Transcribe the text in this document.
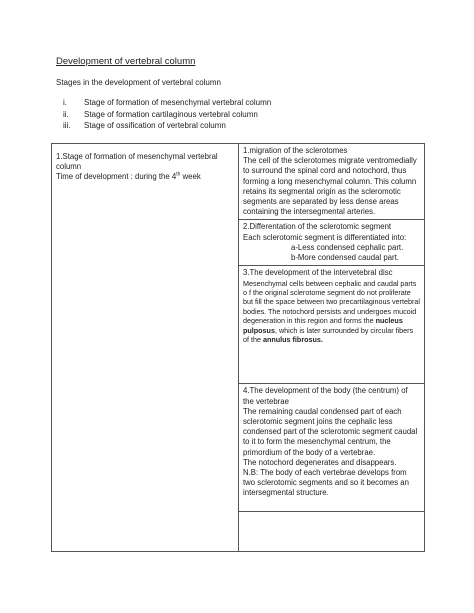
Development of vertebral column
Stages in the development of vertebral column
i.	Stage of formation of mesenchymal vertebral column
ii.	Stage of formation cartilaginous vertebral column
iii.	Stage of ossification of vertebral column
1.Stage of formation of mesenchymal vertebral column
Time of development : during the 4th week

1.migration of the sclerotomes
The cell of the sclerotomes migrate ventromedially to surround the spinal cord and notochord, thus forming a long mesenchymal column. This column retains its segmental origin as the scleromotic segments are separated by less dense areas containing the intersegmental arteries.

2.Differentation of the sclerotomic segment
Each sclerotomic segment is differentiated into:
a-Less condensed cephalic part.
b-More condensed caudal part.

3.The development of the intervetebral disc
Mesenchymal cells between cephalic and caudal parts o f the original sclerotome segment do not proliferate but fill the space between two precartilaginous vertebral bodies. The notochord persists and undergoes mucoid degeneration in this region and forms the nucleus pulposus, which is later surrounded by circular fibers of the annulus fibrosus.

4.The development of the body (the centrum) of the vertebrae
The remaining caudal condensed part of each sclerotomic segment joins the cephalic less condensed part of the sclerotomic segment caudal to it to form the mesenchymal centrum, the primordium of the body of a vertebrae.
The notochord degenerates and disappears.
N.B: The body of each vertebrae develops from two sclerotomic segments and so it becomes an intersegmental structure.
